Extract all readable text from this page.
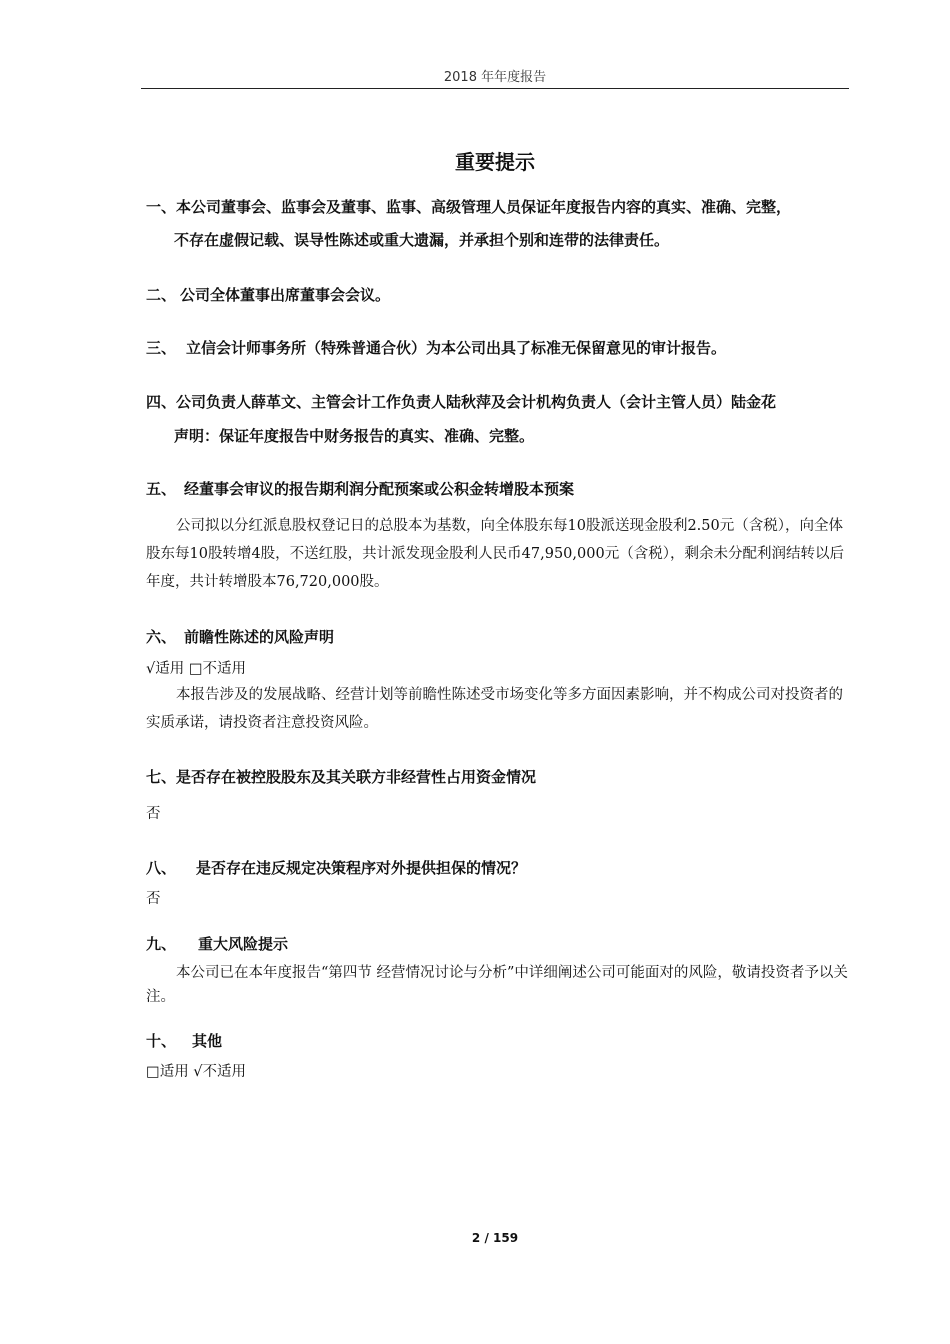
2018 年年度报告
重要提示
一、本公司董事会、监事会及董事、监事、高级管理人员保证年度报告内容的真实、准确、完整，
不存在虚假记载、误导性陈述或重大遗漏，并承担个别和连带的法律责任。
二、 公司全体董事出席董事会会议。
三、 立信会计师事务所（特殊普通合伙）为本公司出具了标准无保留意见的审计报告。
四、公司负责人薛革文、主管会计工作负责人陆秋萍及会计机构负责人（会计主管人员）陆金花
声明：保证年度报告中财务报告的真实、准确、完整。
五、 经董事会审议的报告期利润分配预案或公积金转增股本预案
公司拟以分红派息股权登记日的总股本为基数，向全体股东每10股派送现金股利2.50元（含税），向全体股东每10股转增4股，不送红股，共计派发现金股利人民币47,950,000元（含税），剩余未分配利润结转以后年度，共计转增股本76,720,000股。
六、 前瞻性陈述的风险声明
√适用 □不适用
本报告涉及的发展战略、经营计划等前瞻性陈述受市场变化等多方面因素影响，并不构成公司对投资者的实质承诺，请投资者注意投资风险。
七、是否存在被控股股东及其关联方非经营性占用资金情况
否
八、 是否存在违反规定决策程序对外提供担保的情况？
否
九、 重大风险提示
本公司已在本年度报告“第四节 经营情况讨论与分析”中详细阐述公司可能面对的风险，敬请投资者予以关注。
十、 其他
□适用 √不适用
2 / 159
